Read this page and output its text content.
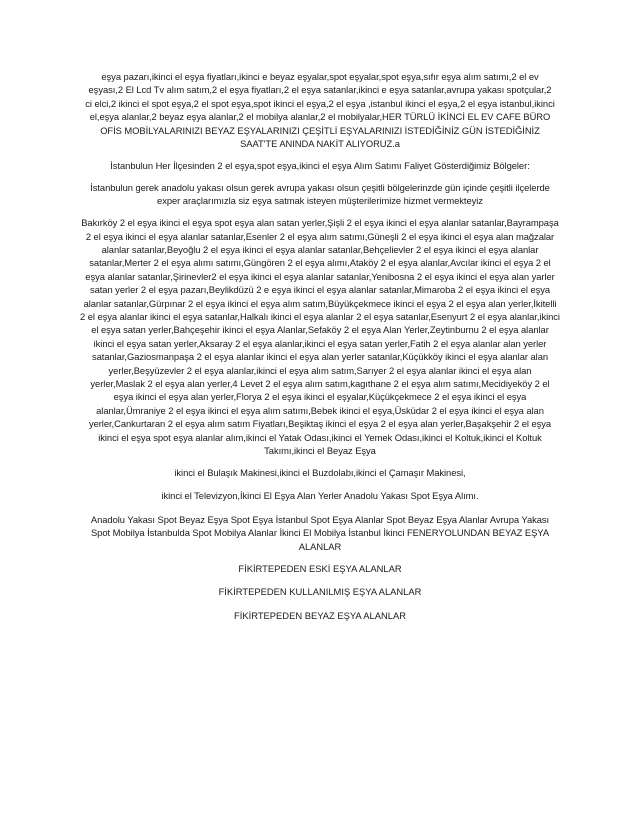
eşya pazarı,ikinci el eşya fiyatları,ikinci e beyaz eşyalar,spot eşyalar,spot eşya,sıfır eşya alım satımı,2 el ev eşyası,2 El Lcd Tv alım satım,2 el eşya fiyatları,2 el eşya satanlar,ikinci e eşya satanlar,avrupa yakası spotçular,2 ci elci,2 ikinci el spot eşya,2 el spot eşya,spot ikinci el eşya,2 el eşya ,istanbul ikinci el eşya,2 el eşya istanbul,ikinci el,eşya alanlar,2 beyaz eşya alanlar,2 el mobilya alanlar,2 el mobilyalar,HER TÜRLÜ İKİNCİ EL EV CAFE BÜRO OFİS MOBİLYALARINIZI BEYAZ EŞYALARINIZI ÇEŞİTLİ EŞYALARINIZI İSTEDİĞİNİZ GÜN İSTEDİĞİNİZ SAAT'TE ANINDA NAKİT ALIYORUZ.a

İstanbulun Her İlçesinden 2 el eşya,spot eşya,ikinci el eşya Alım Satımı Faliyet Gösterdiğimiz Bölgeler:

İstanbulun gerek anadolu yakası olsun gerek avrupa yakası olsun çeşitli bölgelerinzde gün içinde çeşitli ilçelerde exper araçlarımızla siz eşya satmak isteyen müşterilerimize hizmet vermekteyiz

Bakırköy 2 el eşya ikinci el eşya spot eşya alan satan yerler,Şişli 2 el eşya ikinci el eşya alanlar satanlar,Bayrampaşa 2 el eşya ikinci el eşya alanlar satanlar,Esenler 2 el eşya alım satımı,Güneşli 2 el eşya ikinci el eşya alan mağzalar alanlar satanlar,Beyoğlu 2 el eşya ikinci el eşya alanlar satanlar,Behçelievler 2 el eşya ikinci el eşya alanlar satanlar,Merter 2 el eşya alımı satımı,Güngören 2 el eşya alımı,Ataköy 2 el eşya alanlar,Avcılar ikinci el eşya 2 el eşya alanlar satanlar,Şirinevler2 el eşya ikinci el eşya alanlar satanlar,Yenibosna 2 el eşya ikinci el eşya alan yarler satan yerler 2 el eşya pazarı,Beylikdüzü 2 e eşya ikinci el eşya alanlar satanlar,Mimaroba 2 el eşya ikinci el eşya alanlar satanlar,Gürpınar 2 el eşya ikinci el eşya alım satım,Büyükçekmece ikinci el eşya 2 el eşya alan yerler,İkitelli 2 el eşya alanlar ikinci el eşya satanlar,Halkalı ikinci el eşya alanlar 2 el eşya satanlar,Esenyurt 2 el eşya alanlar,ikinci el eşya satan yerler,Bahçeşehir ikinci el eşya Alanlar,Sefaköy 2 el eşya Alan Yerler,Zeytinburnu 2 el eşya alanlar ikinci el eşya satan yerler,Aksaray 2 el eşya alanlar,ikinci el eşya satan yerler,Fatih 2 el eşya alanlar alan yerler satanlar,Gaziosmanpaşa 2 el eşya alanlar ikinci el eşya alan yerler satanlar,Küçükköy ikinci el eşya alanlar alan yerler,Beşyüzevler 2 el eşya alanlar,ikinci el eşya alım satım,Sarıyer 2 el eşya alanlar ikinci el eşya alan yerler,Maslak 2 el eşya alan yerler,4 Levet 2 el eşya alım satım,kagıthane 2 el eşya alım satımı,Mecidiyeköy 2 el eşya ikinci el eşya alan yerler,Florya 2 el eşya ikinci el eşyalar,Küçükçekmece 2 el eşya ikinci el eşya alanlar,Ümraniye 2 el eşya ikinci el eşya alım satımı,Bebek ikinci el eşya,Üsküdar 2 el eşya ikinci el eşya alan yerler,Cankurtaran 2 el eşya alım satım Fiyatları,Beşiktaş ikinci el eşya 2 el eşya alan yerler,Başakşehir 2 el eşya ikinci el eşya spot eşya alanlar alım,ikinci el Yatak Odası,ikinci el Yemek Odası,ikinci el Koltuk,ikinci el Koltuk Takımı,ikinci el Beyaz Eşya

ikinci el Bulaşık Makinesi,ikinci el Buzdolabı,ikinci el Çamaşır Makinesi,

ikinci el Televizyon,İkinci El Eşya Alan Yerler Anadolu Yakası Spot Eşya Alımı.

Anadolu Yakası Spot Beyaz Eşya Spot Eşya İstanbul Spot Eşya Alanlar Spot Beyaz Eşya Alanlar Avrupa Yakası Spot Mobilya İstanbulda Spot Mobilya Alanlar İkinci El Mobilya İstanbul İkinci FENERYOLUNDAN BEYAZ EŞYA ALANLAR

FİKİRTEPEDEN ESKİ EŞYA ALANLAR

FİKİRTEPEDEN KULLANILMIŞ EŞYA ALANLAR

FİKİRTEPEDEN BEYAZ EŞYA ALANLAR
